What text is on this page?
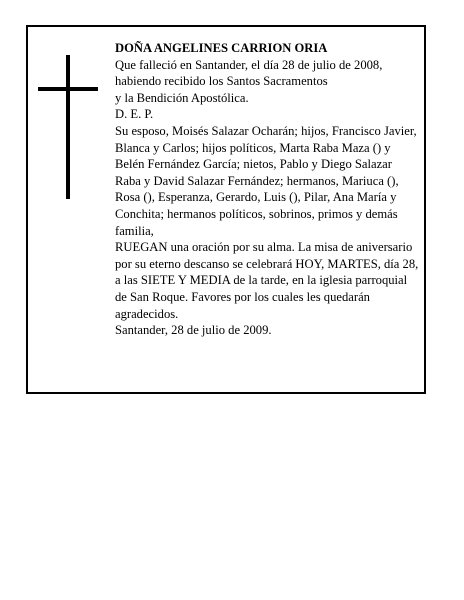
DOÑA ANGELINES CARRION ORIA

Que falleció en Santander, el día 28 de julio de 2008,

habiendo recibido los Santos Sacramentos

y la Bendición Apostólica.

D. E. P.

Su esposo, Moisés Salazar Ocharán; hijos, Francisco Javier, Blanca y Carlos; hijos políticos, Marta Raba Maza () y Belén Fernández García; nietos, Pablo y Diego Salazar Raba y David Salazar Fernández; hermanos, Mariuca (), Rosa (), Esperanza, Gerardo, Luis (), Pilar, Ana María y Conchita; hermanos políticos, sobrinos, primos y demás familia,

RUEGAN una oración por su alma. La misa de aniversario por su eterno descanso se celebrará HOY, MARTES, día 28, a las SIETE Y MEDIA de la tarde, en la iglesia parroquial de San Roque. Favores por los cuales les quedarán agradecidos.

Santander, 28 de julio de 2009.
